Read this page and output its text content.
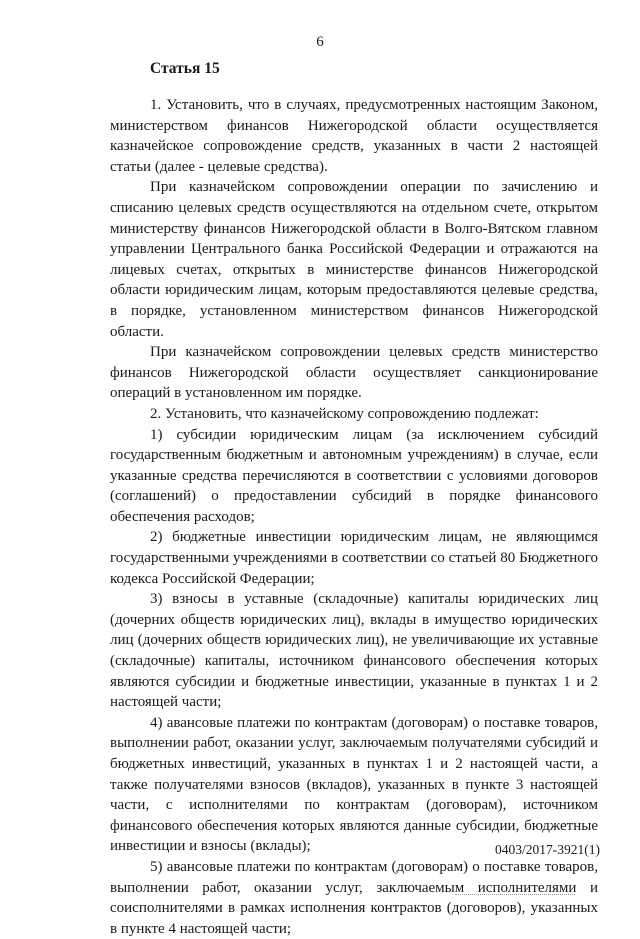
6
Статья 15

1. Установить, что в случаях, предусмотренных настоящим Законом, министерством финансов Нижегородской области осуществляется казначейское сопровождение средств, указанных в части 2 настоящей статьи (далее - целевые средства).

При казначейском сопровождении операции по зачислению и списанию целевых средств осуществляются на отдельном счете, открытом министерству финансов Нижегородской области в Волго-Вятском главном управлении Центрального банка Российской Федерации и отражаются на лицевых счетах, открытых в министерстве финансов Нижегородской области юридическим лицам, которым предоставляются целевые средства, в порядке, установленном министерством финансов Нижегородской области.

При казначейском сопровождении целевых средств министерство финансов Нижегородской области осуществляет санкционирование операций в установленном им порядке.

2. Установить, что казначейскому сопровождению подлежат:

1) субсидии юридическим лицам (за исключением субсидий государственным бюджетным и автономным учреждениям) в случае, если указанные средства перечисляются в соответствии с условиями договоров (соглашений) о предоставлении субсидий в порядке финансового обеспечения расходов;

2) бюджетные инвестиции юридическим лицам, не являющимся государственными учреждениями в соответствии со статьей 80 Бюджетного кодекса Российской Федерации;

3) взносы в уставные (складочные) капиталы юридических лиц (дочерних обществ юридических лиц), вклады в имущество юридических лиц (дочерних обществ юридических лиц), не увеличивающие их уставные (складочные) капиталы, источником финансового обеспечения которых являются субсидии и бюджетные инвестиции, указанные в пунктах 1 и 2 настоящей части;

4) авансовые платежи по контрактам (договорам) о поставке товаров, выполнении работ, оказании услуг, заключаемым получателями субсидий и бюджетных инвестиций, указанных в пунктах 1 и 2 настоящей части, а также получателями взносов (вкладов), указанных в пункте 3 настоящей части, с исполнителями по контрактам (договорам), источником финансового обеспечения которых являются данные субсидии, бюджетные инвестиции и взносы (вклады);

5) авансовые платежи по контрактам (договорам) о поставке товаров, выполнении работ, оказании услуг, заключаемым исполнителями и соисполнителями в рамках исполнения контрактов (договоров), указанных в пункте 4 настоящей части;

0403/2017-3921(1)
